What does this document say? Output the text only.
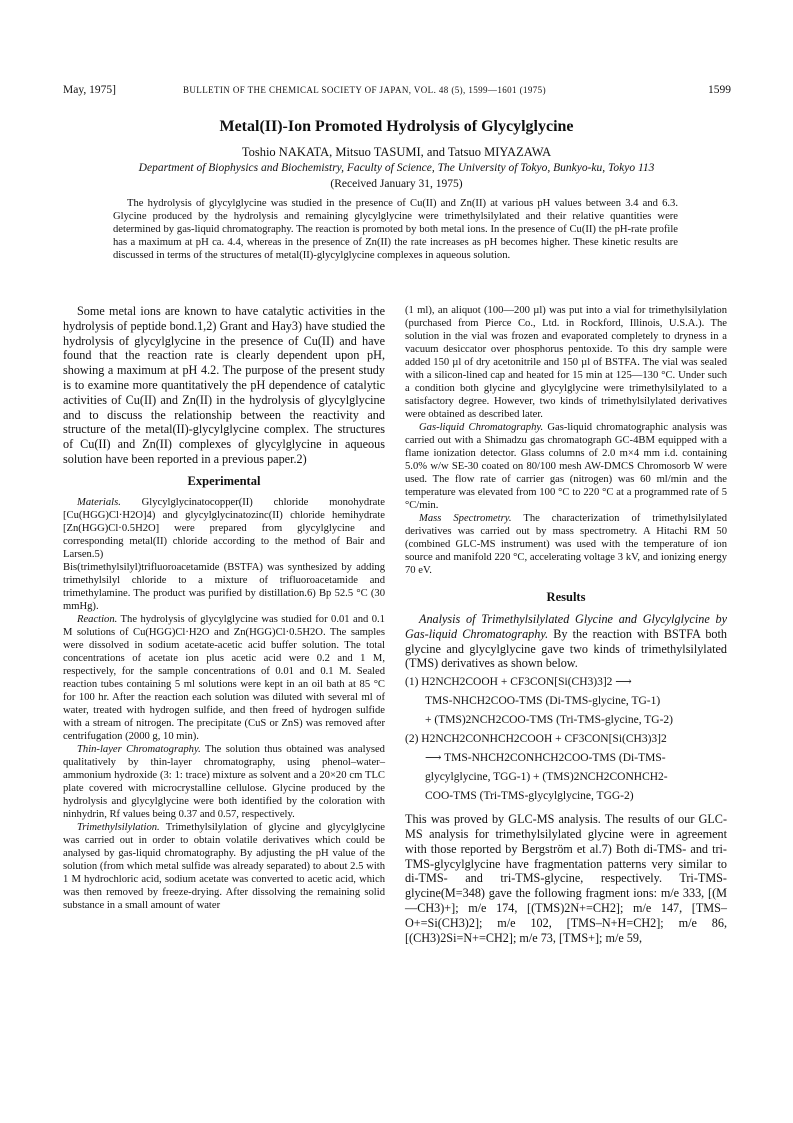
May, 1975]	BULLETIN OF THE CHEMICAL SOCIETY OF JAPAN, VOL. 48 (5), 1599—1601 (1975)	1599
Metal(II)-Ion Promoted Hydrolysis of Glycylglycine
Toshio NAKATA, Mitsuo TASUMI, and Tatsuo MIYAZAWA
Department of Biophysics and Biochemistry, Faculty of Science, The University of Tokyo, Bunkyo-ku, Tokyo 113
(Received January 31, 1975)

The hydrolysis of glycylglycine was studied in the presence of Cu(II) and Zn(II) at various pH values between 3.4 and 6.3. Glycine produced by the hydrolysis and remaining glycylglycine were trimethylsilylated and their relative quantities were determined by gas-liquid chromatography. The reaction is promoted by both metal ions. In the presence of Cu(II) the pH-rate profile has a maximum at pH ca. 4.4, whereas in the presence of Zn(II) the rate increases as pH becomes higher. These kinetic results are discussed in terms of the structures of metal(II)-glycylglycine complexes in aqueous solution.

Some metal ions are known to have catalytic activities in the hydrolysis of peptide bond.1,2) Grant and Hay3) have studied the hydrolysis of glycylglycine in the presence of Cu(II) and have found that the reaction rate is clearly dependent upon pH, showing a maximum at pH 4.2. The purpose of the present study is to examine more quantitatively the pH dependence of catalytic activities of Cu(II) and Zn(II) in the hydrolysis of glycylglycine and to discuss the relationship between the reactivity and structure of the metal(II)-glycylglycine complex. The structures of Cu(II) and Zn(II) complexes of glycylglycine in aqueous solution have been reported in a previous paper.2)

Experimental

Materials. Glycylglycinatocopper(II) chloride monohydrate [Cu(HGG)Cl·H2O]4) and glycylglycinatozinc(II) chloride hemihydrate [Zn(HGG)Cl·0.5H2O] were prepared from glycylglycine and corresponding metal(II) chloride according to the method of Bair and Larsen.5)

Bis(trimethylsilyl)trifluoroacetamide (BSTFA) was synthesized by adding trimethylsilyl chloride to a mixture of trifluoroacetamide and trimethylamine. The product was purified by distillation.6) Bp 52.5 °C (30 mmHg).

Reaction. The hydrolysis of glycylglycine was studied for 0.01 and 0.1 M solutions of Cu(HGG)Cl·H2O and Zn(HGG)Cl·0.5H2O. The samples were dissolved in sodium acetate-acetic acid buffer solution. The total concentrations of acetate ion plus acetic acid were 0.2 and 1 M, respectively, for the sample concentrations of 0.01 and 0.1 M. Sealed reaction tubes containing 5 ml solutions were kept in an oil bath at 85 °C for 100 hr. After the reaction each solution was diluted with several ml of water, treated with hydrogen sulfide, and then freed of hydrogen sulfide with a stream of nitrogen. The precipitate (CuS or ZnS) was removed after centrifugation (2000 g, 10 min).

Thin-layer Chromatography. The solution thus obtained was analysed qualitatively by thin-layer chromatography, using phenol–water–ammonium hydroxide (3: 1: trace) mixture as solvent and a 20×20 cm TLC plate covered with microcrystalline cellulose. Glycine produced by the hydrolysis and glycylglycine were both identified by the coloration with ninhydrin, Rf values being 0.37 and 0.57, respectively.

Trimethylsilylation. Trimethylsilylation of glycine and glycylglycine was carried out in order to obtain volatile derivatives which could be analysed by gas-liquid chromatography. By adjusting the pH value of the solution (from which metal sulfide was already separated) to about 2.5 with 1 M hydrochloric acid, sodium acetate was converted to acetic acid, which was then removed by freeze-drying. After dissolving the remaining solid substance in a small amount of water

(1 ml), an aliquot (100—200 µl) was put into a vial for trimethylsilylation (purchased from Pierce Co., Ltd. in Rockford, Illinois, U.S.A.). The solution in the vial was frozen and evaporated completely to dryness in a vacuum desiccator over phosphorus pentoxide. To this dry sample were added 150 µl of dry acetonitrile and 150 µl of BSTFA. The vial was sealed with a silicon-lined cap and heated for 15 min at 125—130 °C. Under such a condition both glycine and glycylglycine were trimethylsilylated to a satisfactory degree. However, two kinds of trimethylsilylated derivatives were obtained as described later.

Gas-liquid Chromatography. Gas-liquid chromatographic analysis was carried out with a Shimadzu gas chromatograph GC-4BM equipped with a flame ionization detector. Glass columns of 2.0 m×4 mm i.d. containing 5.0% w/w SE-30 coated on 80/100 mesh AW-DMCS Chromosorb W were used. The flow rate of carrier gas (nitrogen) was 60 ml/min and the temperature was elevated from 100 °C to 220 °C at a programmed rate of 5 °C/min.

Mass Spectrometry. The characterization of trimethylsilylated derivatives was carried out by mass spectrometry. A Hitachi RM 50 (combined GLC-MS instrument) was used with the temperature of ion source and manifold 220 °C, accelerating voltage 3 kV, and ionizing energy 70 eV.

Results

Analysis of Trimethylsilylated Glycine and Glycylglycine by Gas-liquid Chromatography. By the reaction with BSTFA both glycine and glycylglycine gave two kinds of trimethylsilylated (TMS) derivatives as shown below.

(1) H2NCH2COOH + CF3CON[Si(CH3)3]2 ⟶
TMS-NHCH2COO-TMS (Di-TMS-glycine, TG-1)
+ (TMS)2NCH2COO-TMS (Tri-TMS-glycine, TG-2)
(2) H2NCH2CONHCH2COOH + CF3CON[Si(CH3)3]2
⟶ TMS-NHCH2CONHCH2COO-TMS (Di-TMS-
glycylglycine, TGG-1) + (TMS)2NCH2CONHCH2-
COO-TMS (Tri-TMS-glycylglycine, TGG-2)

This was proved by GLC-MS analysis. The results of our GLC-MS analysis for trimethylsilylated glycine were in agreement with those reported by Bergström et al.7) Both di-TMS- and tri-TMS-glycylglycine have fragmentation patterns very similar to di-TMS- and tri-TMS-glycine, respectively. Tri-TMS-glycine(M=348) gave the following fragment ions: m/e 333, [(M—CH3)+]; m/e 174, [(TMS)2N+=CH2]; m/e 147, [TMS–O+=Si(CH3)2]; m/e 102, [TMS–N+H=CH2]; m/e 86, [(CH3)2Si=N+=CH2]; m/e 73, [TMS+]; m/e 59,
